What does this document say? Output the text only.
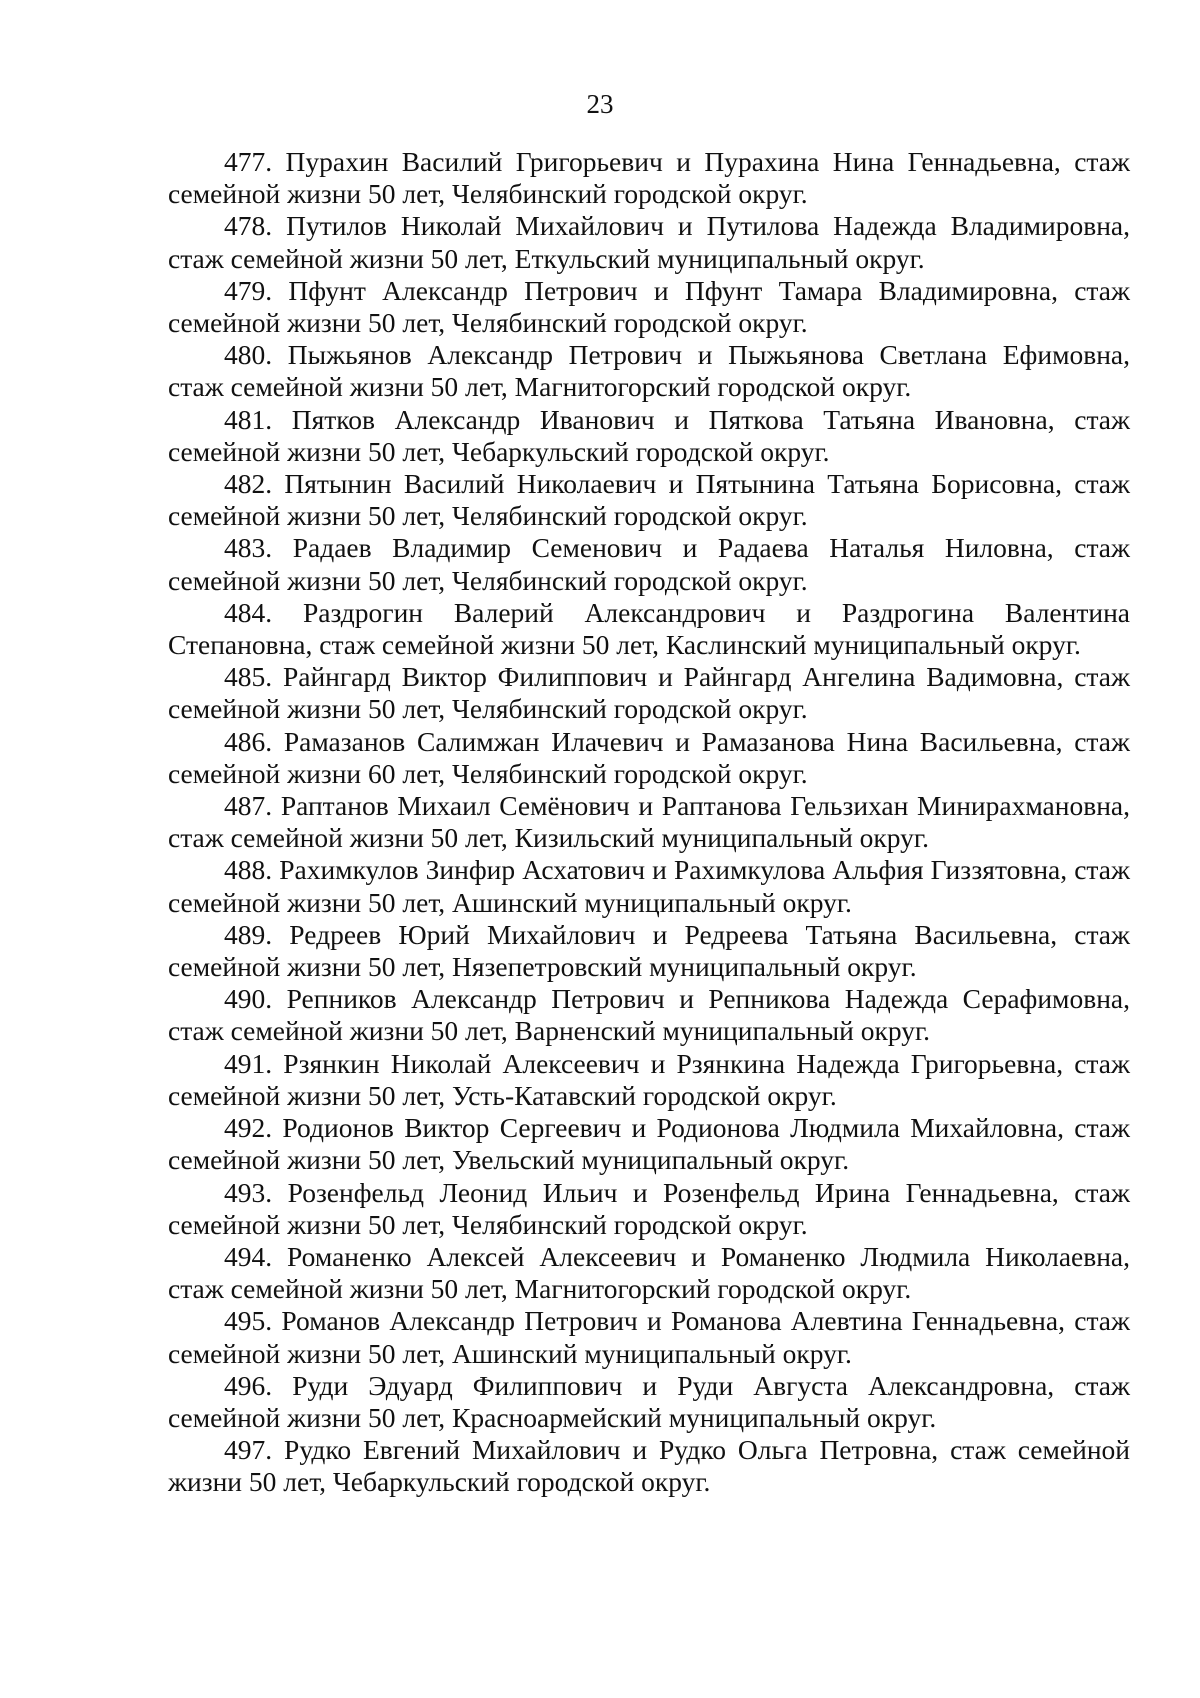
23

477. Пурахин Василий Григорьевич и Пурахина Нина Геннадьевна, стаж семейной жизни 50 лет, Челябинский городской округ.

478. Путилов Николай Михайлович и Путилова Надежда Владимировна, стаж семейной жизни 50 лет, Еткульский муниципальный округ.

479. Пфунт Александр Петрович и Пфунт Тамара Владимировна, стаж семейной жизни 50 лет, Челябинский городской округ.

480. Пыжьянов Александр Петрович и Пыжьянова Светлана Ефимовна, стаж семейной жизни 50 лет, Магнитогорский городской округ.

481. Пятков Александр Иванович и Пяткова Татьяна Ивановна, стаж семейной жизни 50 лет, Чебаркульский городской округ.

482. Пятынин Василий Николаевич и Пятынина Татьяна Борисовна, стаж семейной жизни 50 лет, Челябинский городской округ.

483. Радаев Владимир Семенович и Радаева Наталья Ниловна, стаж семейной жизни 50 лет, Челябинский городской округ.

484. Раздрогин Валерий Александрович и Раздрогина Валентина Степановна, стаж семейной жизни 50 лет, Каслинский муниципальный округ.

485. Райнгард Виктор Филиппович и Райнгард Ангелина Вадимовна, стаж семейной жизни 50 лет, Челябинский городской округ.

486. Рамазанов Салимжан Илачевич и Рамазанова Нина Васильевна, стаж семейной жизни 60 лет, Челябинский городской округ.

487. Раптанов Михаил Семёнович и Раптанова Гельзихан Минирахмановна, стаж семейной жизни 50 лет, Кизильский муниципальный округ.

488. Рахимкулов Зинфир Асхатович и Рахимкулова Альфия Гиззятовна, стаж семейной жизни 50 лет, Ашинский муниципальный округ.

489. Редреев Юрий Михайлович и Редреева Татьяна Васильевна, стаж семейной жизни 50 лет, Нязепетровский муниципальный округ.

490. Репников Александр Петрович и Репникова Надежда Серафимовна, стаж семейной жизни 50 лет, Варненский муниципальный округ.

491. Рзянкин Николай Алексеевич и Рзянкина Надежда Григорьевна, стаж семейной жизни 50 лет, Усть-Катавский городской округ.

492. Родионов Виктор Сергеевич и Родионова Людмила Михайловна, стаж семейной жизни 50 лет, Увельский муниципальный округ.

493. Розенфельд Леонид Ильич и Розенфельд Ирина Геннадьевна, стаж семейной жизни 50 лет, Челябинский городской округ.

494. Романенко Алексей Алексеевич и Романенко Людмила Николаевна, стаж семейной жизни 50 лет, Магнитогорский городской округ.

495. Романов Александр Петрович и Романова Алевтина Геннадьевна, стаж семейной жизни 50 лет, Ашинский муниципальный округ.

496. Руди Эдуард Филиппович и Руди Августа Александровна, стаж семейной жизни 50 лет, Красноармейский муниципальный округ.

497. Рудко Евгений Михайлович и Рудко Ольга Петровна, стаж семейной жизни 50 лет, Чебаркульский городской округ.
